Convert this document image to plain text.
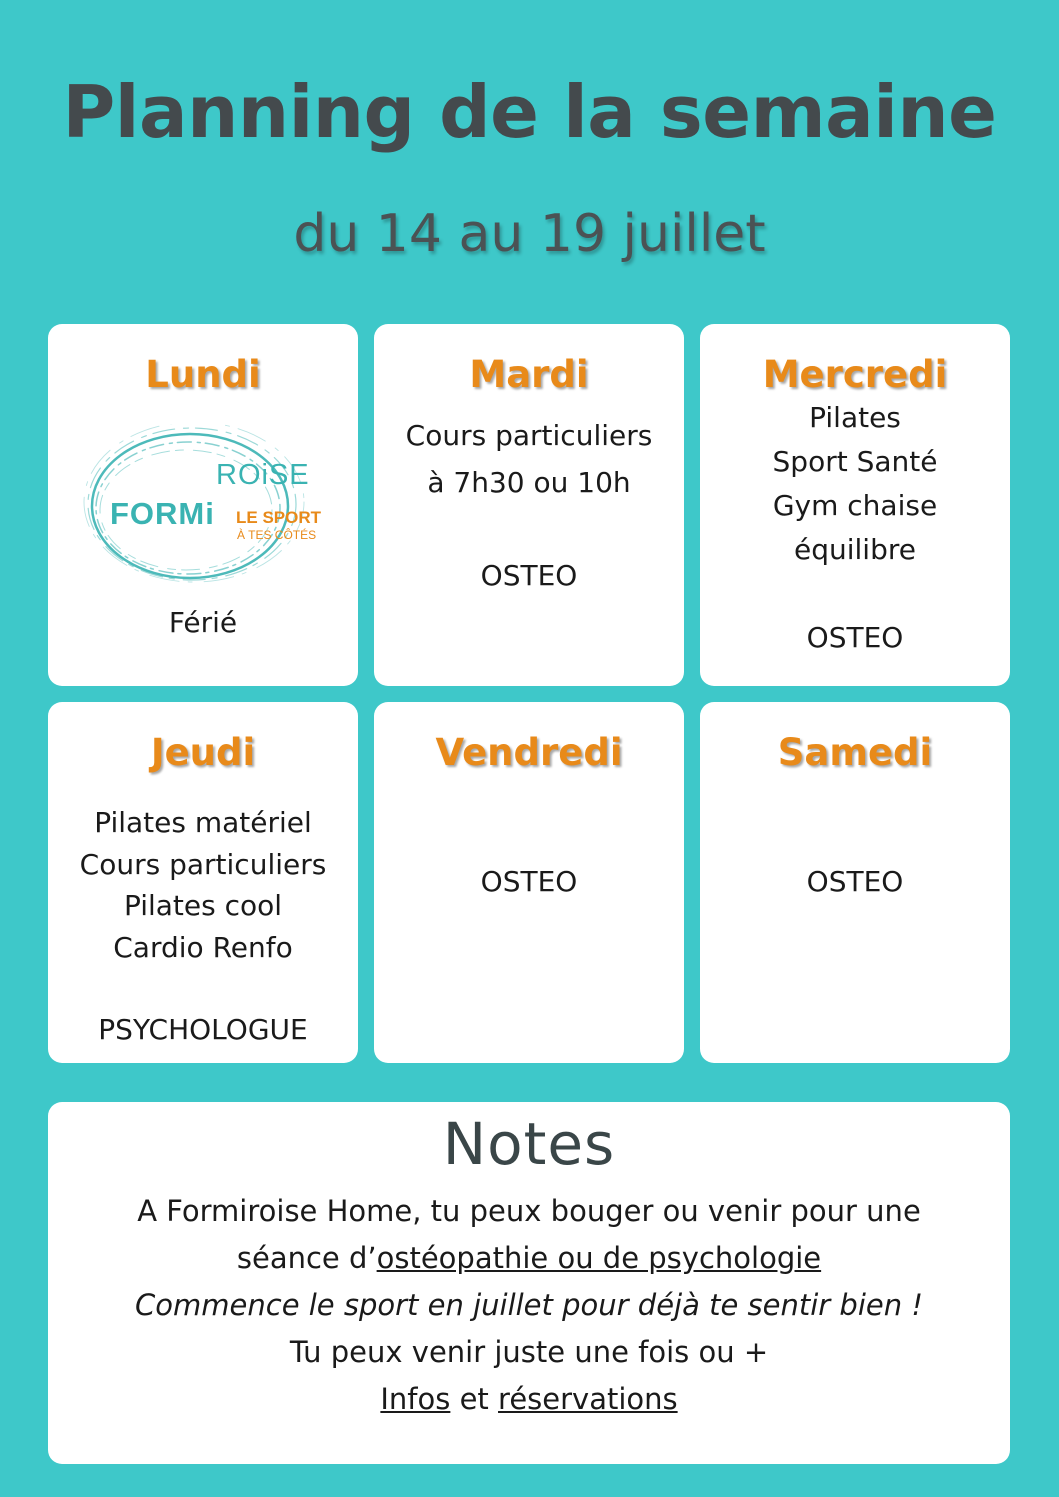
Planning de la semaine
du 14 au 19 juillet
Lundi
FORMi
ROiSE
LE SPORT
À TES CÔTÉS
Férié
Mardi
Cours particuliers
à 7h30 ou 10h
OSTEO
Mercredi
Pilates
Sport Santé
Gym chaise
équilibre
OSTEO
Jeudi
Pilates matériel
Cours particuliers
Pilates cool
Cardio Renfo
PSYCHOLOGUE
Vendredi
OSTEO
Samedi
OSTEO
Notes
A Formiroise Home, tu peux bouger ou venir pour une
séance d’ostéopathie ou de psychologie
Commence le sport en juillet pour déjà te sentir bien !
Tu peux venir juste une fois ou +
Infos et réservations
